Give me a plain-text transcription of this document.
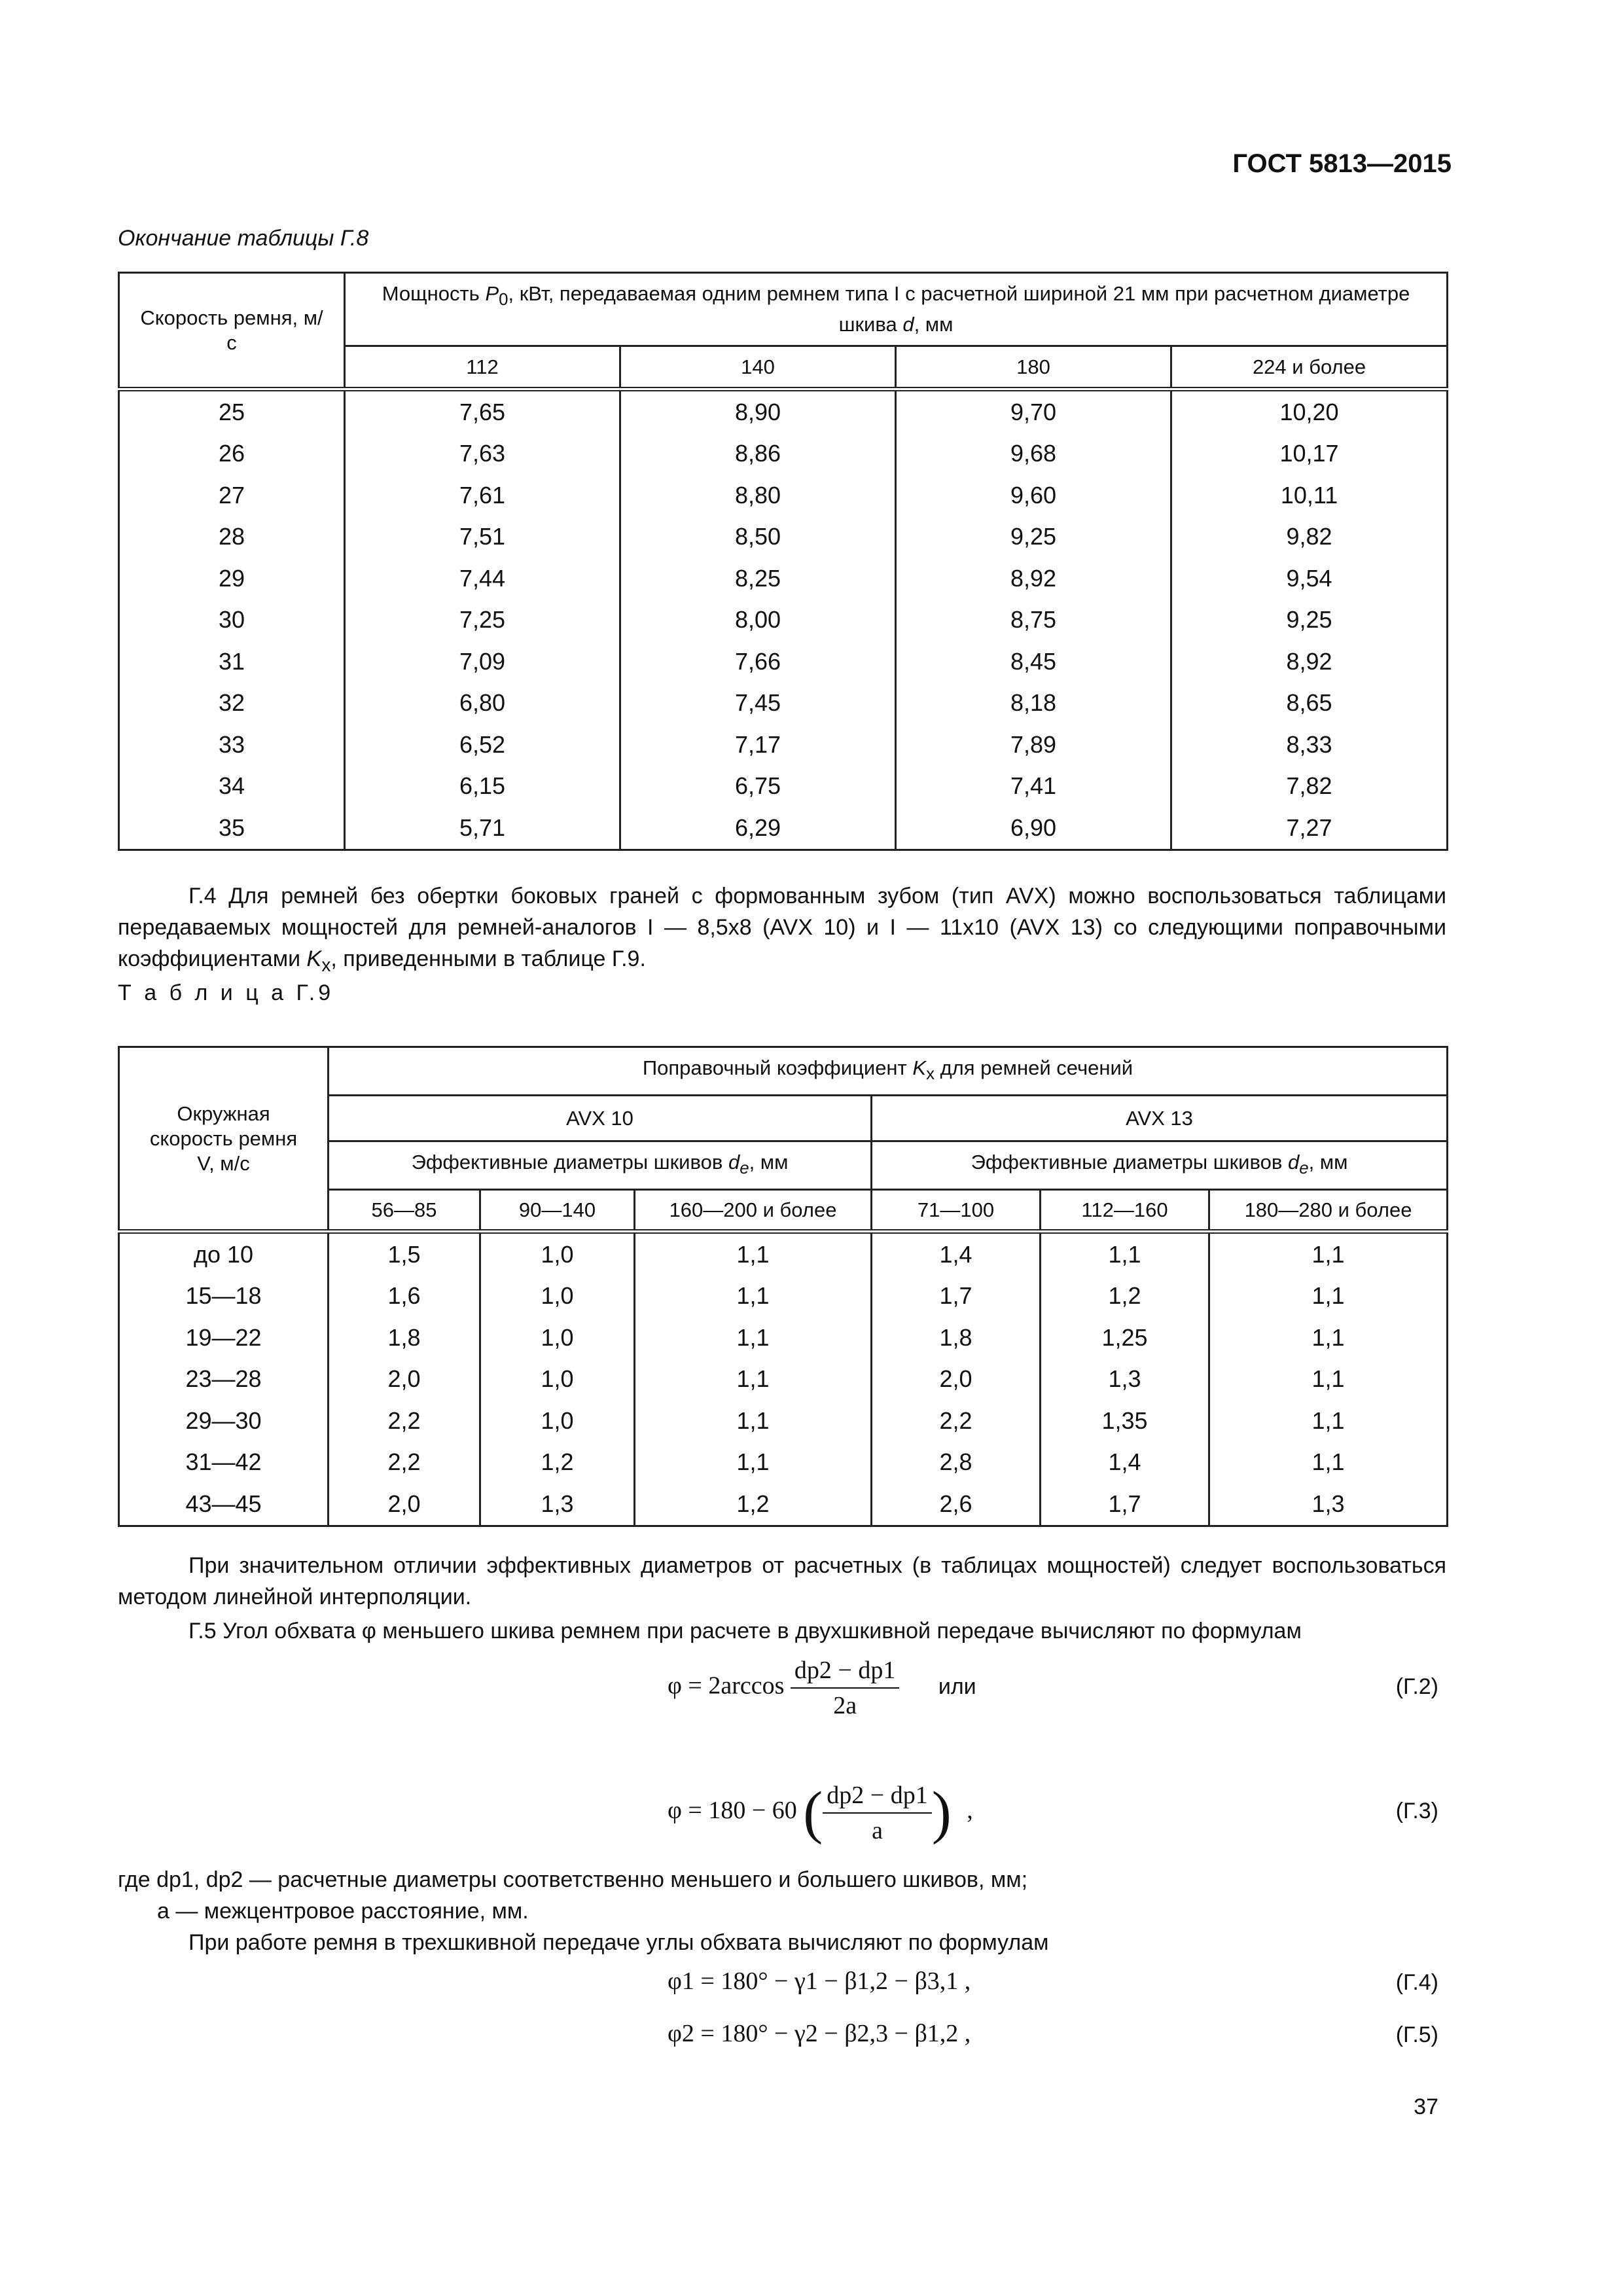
ГОСТ 5813—2015
Окончание таблицы Г.8
Скорость ремня, м/с	Мощность $P_0$, кВт, передаваемая одним ремнем типа I с расчетной шириной 21 мм при расчетном диаметре шкива d, мм			
	112	140	180	224 и более
25	7,65	8,90	9,70	10,20
26	7,63	8,86	9,68	10,17
27	7,61	8,80	9,60	10,11
28	7,51	8,50	9,25	9,82
29	7,44	8,25	8,92	9,54
30	7,25	8,00	8,75	9,25
31	7,09	7,66	8,45	8,92
32	6,80	7,45	8,18	8,65
33	6,52	7,17	7,89	8,33
34	6,15	6,75	7,41	7,82
35	5,71	6,29	6,90	7,27
Г.4 Для ремней без обертки боковых граней с формованным зубом (тип AVX) можно воспользоваться таблицами передаваемых мощностей для ремней-аналогов I — 8,5х8 (AVX 10) и I — 11х10 (AVX 13) со следующими поправочными коэффициентами $K_x$, приведенными в таблице Г.9.
Т а б л и ц а Г.9
Окружная скорость ремня V, м/с	Поправочный коэффициент $K_x$ для ремней сечений					
	AVX 10			AVX 13		
	Эффективные диаметры шкивов $d_e$, мм			Эффективные диаметры шкивов $d_e$, мм		
	56—85	90—140	160—200 и более	71—100	112—160	180—280 и более
до 10	1,5	1,0	1,1	1,4	1,1	1,1
15—18	1,6	1,0	1,1	1,7	1,2	1,1
19—22	1,8	1,0	1,1	1,8	1,25	1,1
23—28	2,0	1,0	1,1	2,0	1,3	1,1
29—30	2,2	1,0	1,1	2,2	1,35	1,1
31—42	2,2	1,2	1,1	2,8	1,4	1,1
43—45	2,0	1,3	1,2	2,6	1,7	1,3
При значительном отличии эффективных диаметров от расчетных (в таблицах мощностей) следует воспользоваться методом линейной интерполяции.
Г.5 Угол обхвата φ меньшего шкива ремнем при расчете в двухшкивной передаче вычисляют по формулам
$\varphi = 2\arccos \frac{dp2 - dp1}{2a}$ или	(Г.2)
φ = 180 − 60 ( $\frac{dp2 - dp1}{a}$ ) ,	(Г.3)
где dp1, dp2 — расчетные диаметры соответственно меньшего и большего шкивов, мм;
a — межцентровое расстояние, мм.
При работе ремня в трехшкивной передаче углы обхвата вычисляют по формулам
φ1 = 180° − γ1 − β1,2 − β3,1 ,	(Г.4)
φ2 = 180° − γ2 − β2,3 − β1,2 ,	(Г.5)
37
